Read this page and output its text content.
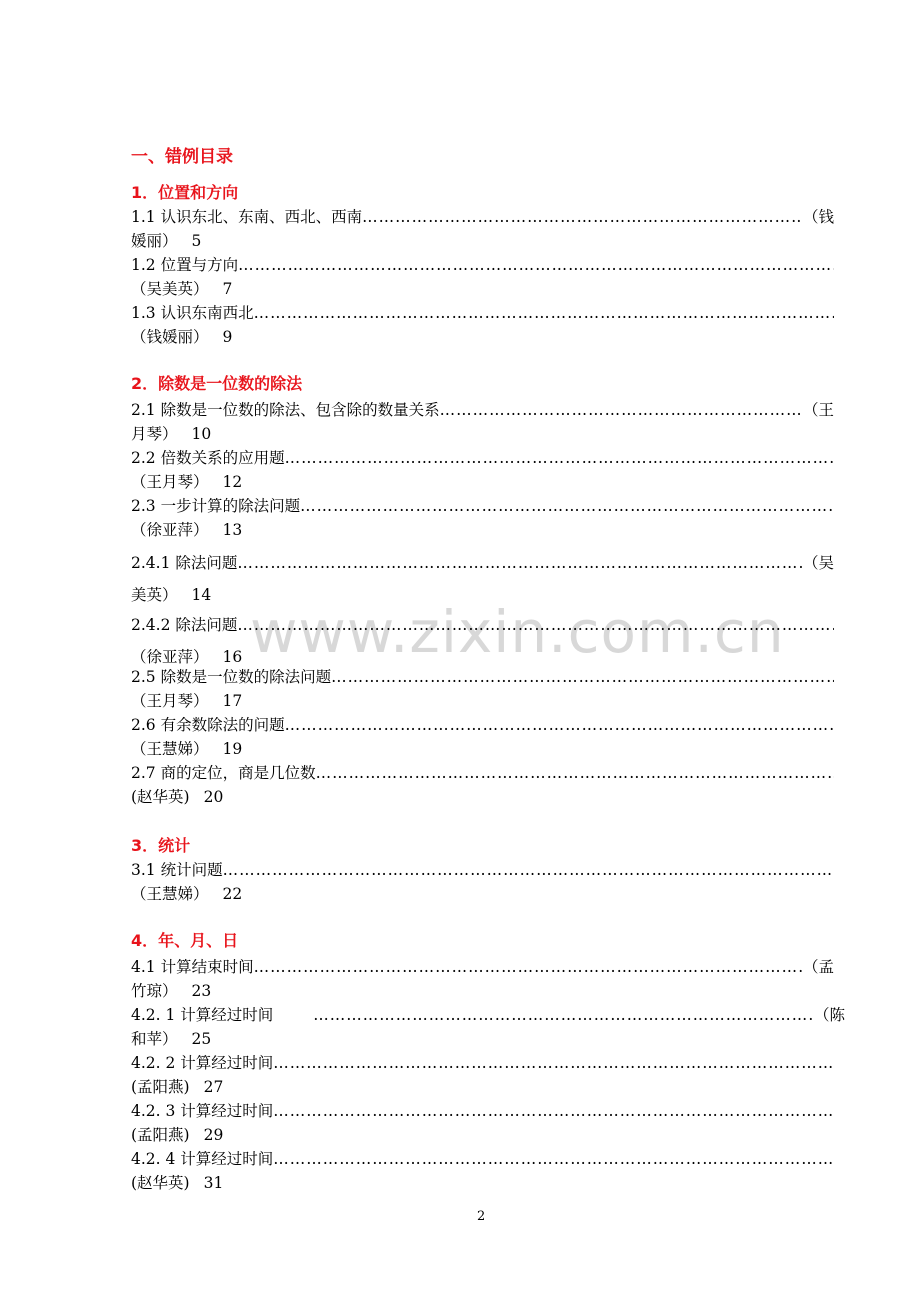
www.zixin.com.cn
一、错例目录
1．位置和方向
1.1 认识东北、东南、西北、西南 ……………………………………………………………………………………………………………………………………………………	（钱
媛丽） 5
1.2 位置与方向
……………………………………………………………………………………………………………………………………………………
（吴美英） 7
1.3 认识东南西北
……………………………………………………………………………………………………………………………………………………
（钱媛丽） 9
2．除数是一位数的除法
2.1 除数是一位数的除法、包含除的数量关系 ……………………………………………………………………………………………………………………………………………………	（王
月琴） 10
2.2 倍数关系的应用题
……………………………………………………………………………………………………………………………………………………
（王月琴） 12
2.3 一步计算的除法问题
……………………………………………………………………………………………………………………………………………………
（徐亚萍） 13
2.4.1 除法问题 ……………………………………………………………………………………………………………………………………………………	（吴
美英） 14
2.4.2 除法问题
……………………………………………………………………………………………………………………………………………………
（徐亚萍） 16
2.5 除数是一位数的除法问题
……………………………………………………………………………………………………………………………………………………
（王月琴） 17
2.6 有余数除法的问题
……………………………………………………………………………………………………………………………………………………
（王慧娣） 19
2.7 商的定位，商是几位数
……………………………………………………………………………………………………………………………………………………
(赵华英) 20
3．统计
3.1 统计问题
……………………………………………………………………………………………………………………………………………………
（王慧娣） 22
4．年、月、日
4.1 计算结束时间 ……………………………………………………………………………………………………………………………………………………	（孟
竹琼） 23
4.2. 1 计算经过时间 ……………………………………………………………………………………………………………………………………………………	（陈
和苹） 25
4.2. 2 计算经过时间
……………………………………………………………………………………………………………………………………………………
(孟阳燕) 27
4.2. 3 计算经过时间
……………………………………………………………………………………………………………………………………………………
(孟阳燕) 29
4.2. 4 计算经过时间
……………………………………………………………………………………………………………………………………………………
(赵华英) 31
2
